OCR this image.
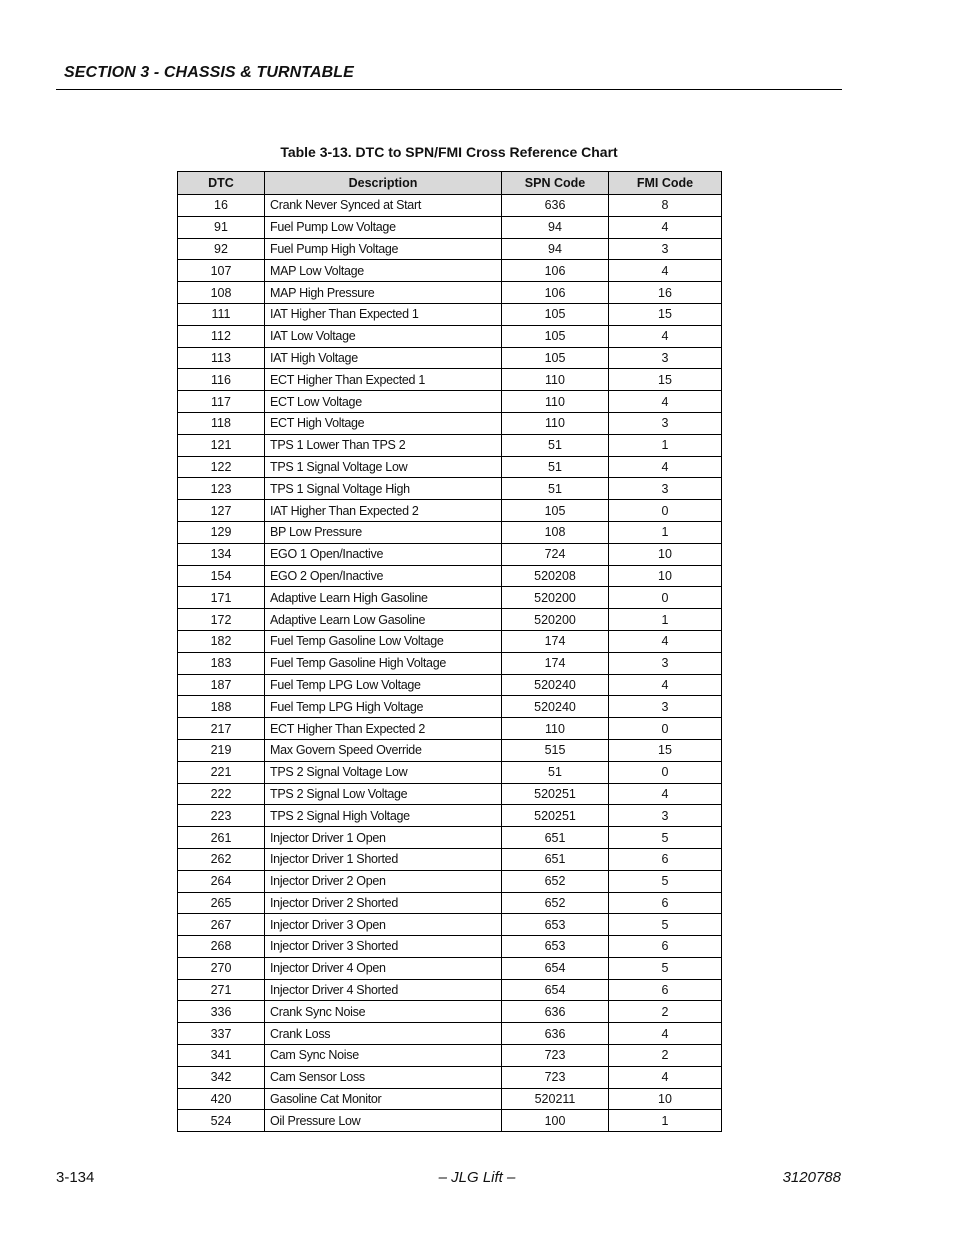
SECTION 3 - CHASSIS & TURNTABLE
Table 3-13. DTC to SPN/FMI Cross Reference Chart
DTC	Description	SPN Code	FMI Code
16	Crank Never Synced at Start	636	8
91	Fuel Pump Low Voltage	94	4
92	Fuel Pump High Voltage	94	3
107	MAP Low Voltage	106	4
108	MAP High Pressure	106	16
111	IAT Higher Than Expected 1	105	15
112	IAT Low Voltage	105	4
113	IAT High Voltage	105	3
116	ECT Higher Than Expected 1	110	15
117	ECT Low Voltage	110	4
118	ECT High Voltage	110	3
121	TPS 1 Lower Than TPS 2	51	1
122	TPS 1 Signal Voltage Low	51	4
123	TPS 1 Signal Voltage High	51	3
127	IAT Higher Than Expected 2	105	0
129	BP Low Pressure	108	1
134	EGO 1 Open/Inactive	724	10
154	EGO 2 Open/Inactive	520208	10
171	Adaptive Learn High Gasoline	520200	0
172	Adaptive Learn Low Gasoline	520200	1
182	Fuel Temp Gasoline Low Voltage	174	4
183	Fuel Temp Gasoline High Voltage	174	3
187	Fuel Temp LPG Low Voltage	520240	4
188	Fuel Temp LPG High Voltage	520240	3
217	ECT Higher Than Expected 2	110	0
219	Max Govern Speed Override	515	15
221	TPS 2 Signal Voltage Low	51	0
222	TPS 2 Signal Low Voltage	520251	4
223	TPS 2 Signal High Voltage	520251	3
261	Injector Driver 1 Open	651	5
262	Injector Driver 1 Shorted	651	6
264	Injector Driver 2 Open	652	5
265	Injector Driver 2 Shorted	652	6
267	Injector Driver 3 Open	653	5
268	Injector Driver 3 Shorted	653	6
270	Injector Driver 4 Open	654	5
271	Injector Driver 4 Shorted	654	6
336	Crank Sync Noise	636	2
337	Crank Loss	636	4
341	Cam Sync Noise	723	2
342	Cam Sensor Loss	723	4
420	Gasoline Cat Monitor	520211	10
524	Oil Pressure Low	100	1
3-134	– JLG Lift –	3120788
